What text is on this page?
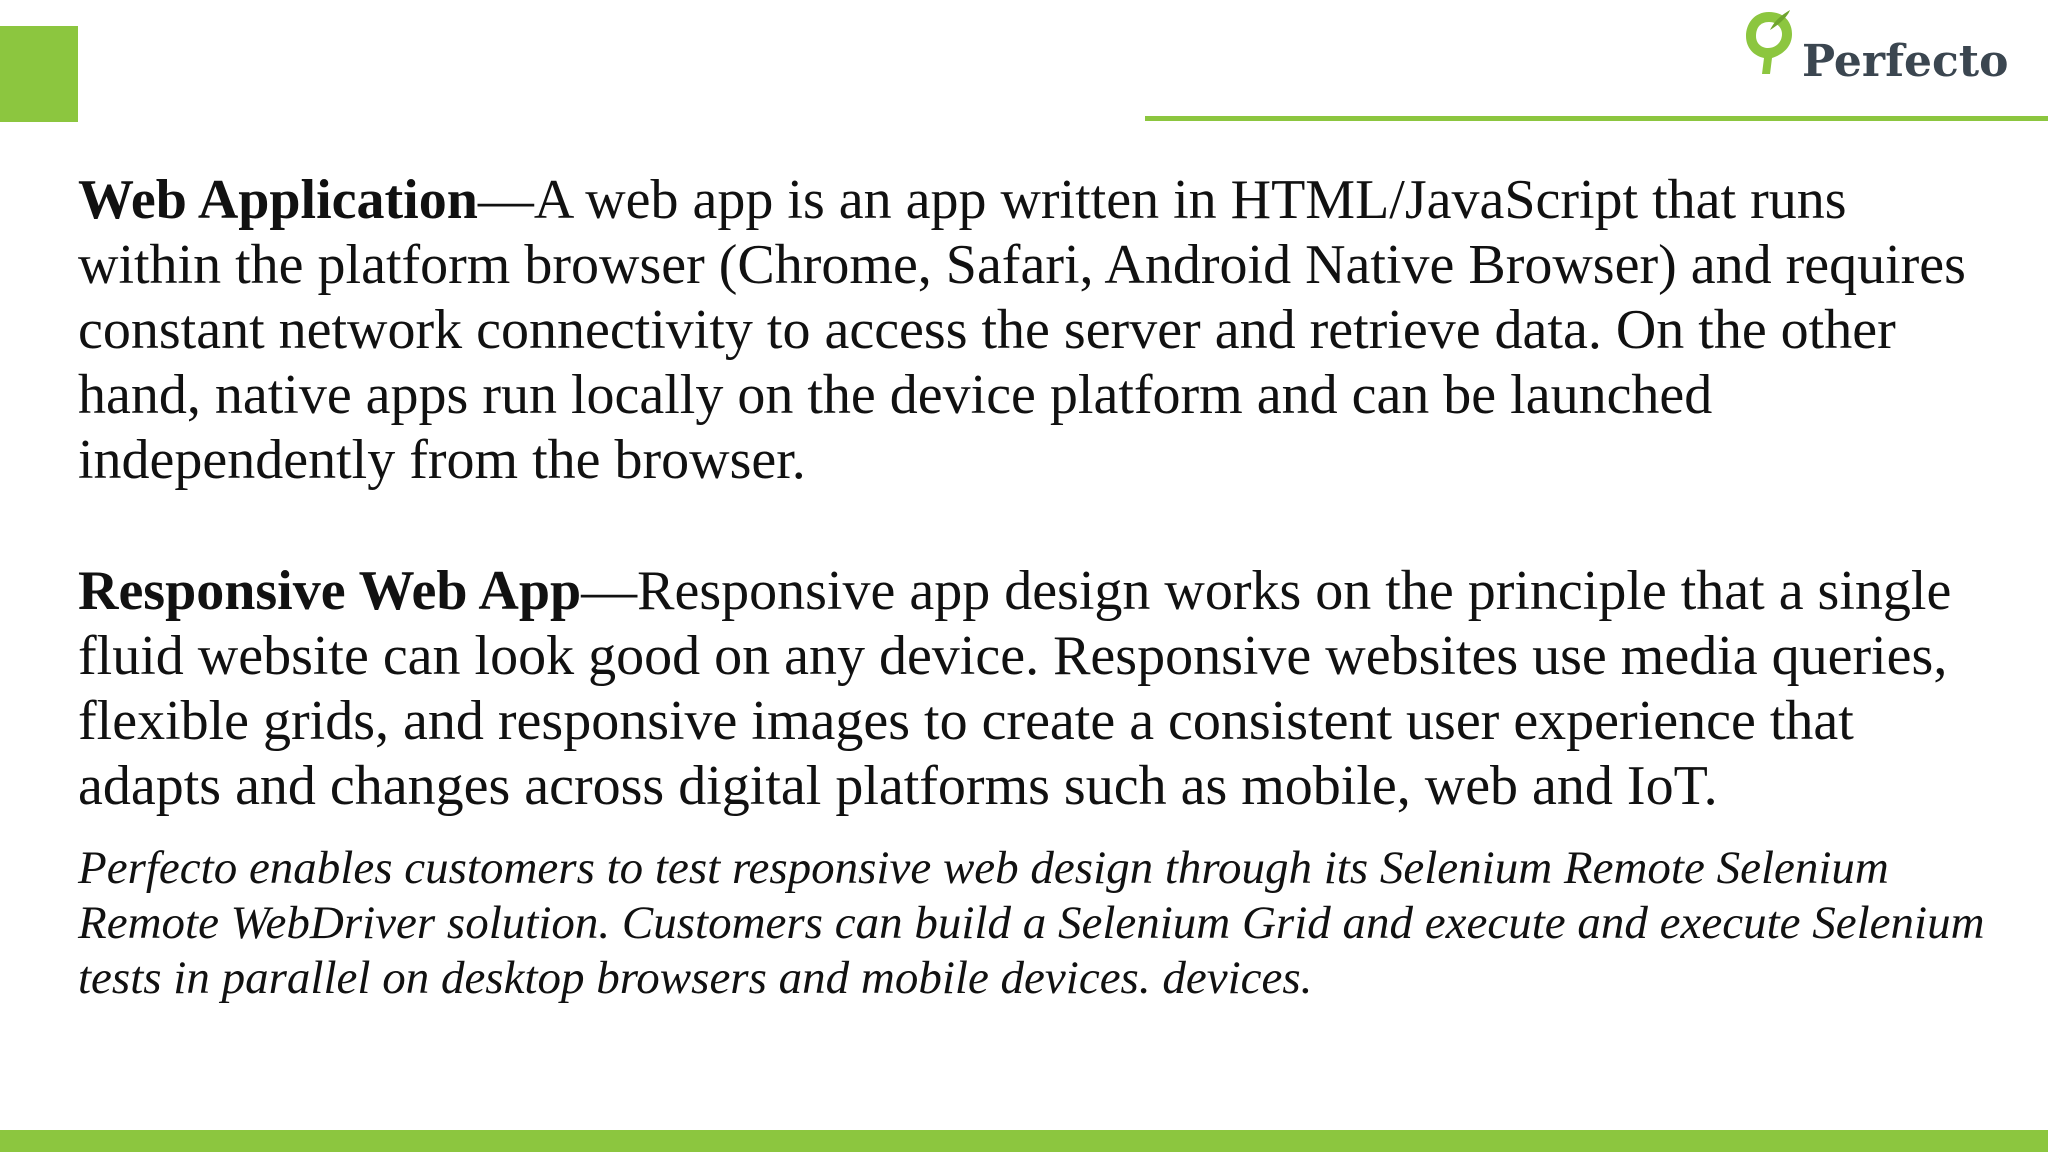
Perfecto

Web Application—A web app is an app written in HTML/JavaScript that runs within the platform browser (Chrome, Safari, Android Native Browser) and requires constant network connectivity to access the server and retrieve data. On the other hand, native apps run locally on the device platform and can be launched independently from the browser.

Responsive Web App—Responsive app design works on the principle that a single fluid website can look good on any device. Responsive websites use media queries, flexible grids, and responsive images to create a consistent user experience that adapts and changes across digital platforms such as mobile, web and IoT.

Perfecto enables customers to test responsive web design through its Selenium Remote Selenium Remote WebDriver solution. Customers can build a Selenium Grid and execute and execute Selenium tests in parallel on desktop browsers and mobile devices. devices.
